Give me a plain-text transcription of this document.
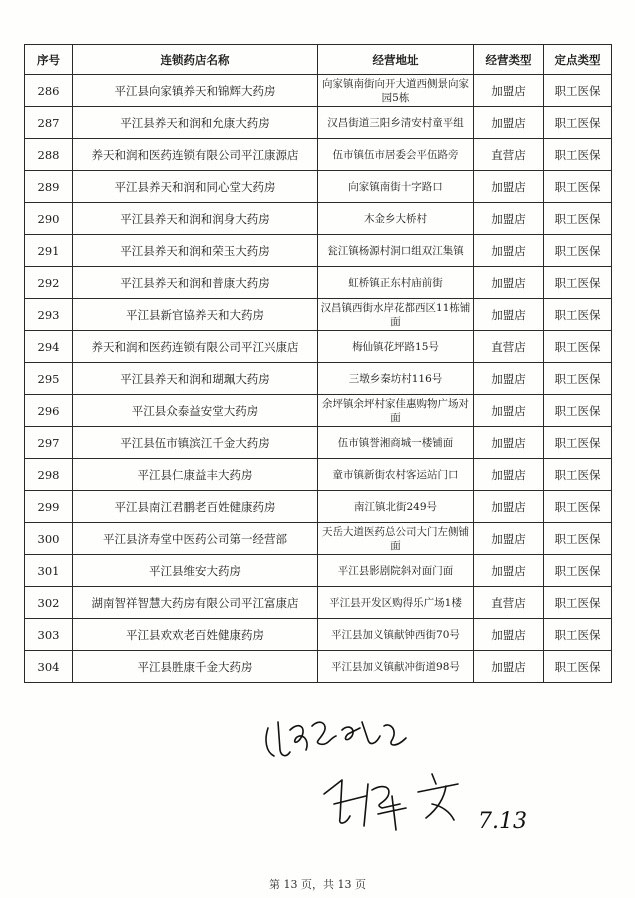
序号	连锁药店名称	经营地址	经营类型	定点类型
286	平江县向家镇养天和锦辉大药房	向家镇南街向开大道西侧景向家园5栋	加盟店	职工医保
287	平江县养天和润和允康大药房	汉昌街道三阳乡清安村童平组	加盟店	职工医保
288	养天和润和医药连锁有限公司平江康源店	伍市镇伍市居委会平伍路旁	直营店	职工医保
289	平江县养天和润和同心堂大药房	向家镇南街十字路口	加盟店	职工医保
290	平江县养天和润和润身大药房	木金乡大桥村	加盟店	职工医保
291	平江县养天和润和荣玉大药房	瓮江镇杨源村洞口组双江集镇	加盟店	职工医保
292	平江县养天和润和普康大药房	虹桥镇正东村庙前街	加盟店	职工医保
293	平江县新官協养天和大药房	汉昌镇西街水岸花都西区11栋铺面	加盟店	职工医保
294	养天和润和医药连锁有限公司平江兴康店	梅仙镇花坪路15号	直营店	职工医保
295	平江县养天和润和瑚珮大药房	三墩乡秦坊村116号	加盟店	职工医保
296	平江县众泰益安堂大药房	余坪镇余坪村家佳惠购物广场对面	加盟店	职工医保
297	平江县伍市镇滨江千金大药房	伍市镇誉湘商城一楼铺面	加盟店	职工医保
298	平江县仁康益丰大药房	童市镇新街农村客运站门口	加盟店	职工医保
299	平江县南江君鹏老百姓健康药房	南江镇北街249号	加盟店	职工医保
300	平江县济寿堂中医药公司第一经营部	天岳大道医药总公司大门左侧铺面	加盟店	职工医保
301	平江县维安大药房	平江县影剧院斜对面门面	加盟店	职工医保
302	湖南智祥智慧大药房有限公司平江富康店	平江县开发区购得乐广场1楼	直营店	职工医保
303	平江县欢欢老百姓健康药房	平江县加义镇献钟西街70号	加盟店	职工医保
304	平江县胜康千金大药房	平江县加义镇献冲街道98号	加盟店	职工医保
7.13
第 13 页，共 13 页
